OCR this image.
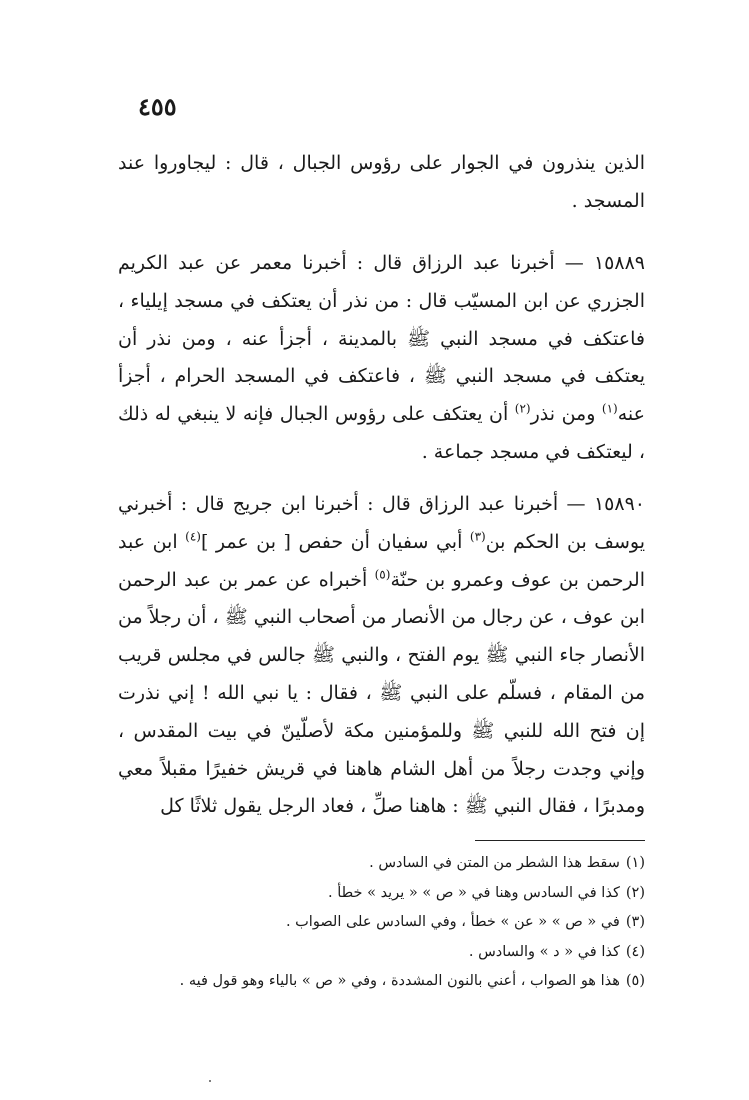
٤٥٥

الذين ينذرون في الجوار على رؤوس الجبال ، قال : ليجاوروا عند المسجد .

١٥٨٨٩ — أخبرنا عبد الرزاق قال : أخبرنا معمر عن عبد الكريم الجزري عن ابن المسيّب قال : من نذر أن يعتكف في مسجد إيلياء ، فاعتكف في مسجد النبي ﷺ بالمدينة ، أجزأ عنه ، ومن نذر أن يعتكف في مسجد النبي ﷺ ، فاعتكف في المسجد الحرام ، أجزأ عنه$^{(١)}$ ومن نذر$^{(٢)}$ أن يعتكف على رؤوس الجبال فإنه لا ينبغي له ذلك ، ليعتكف في مسجد جماعة .

١٥٨٩٠ — أخبرنا عبد الرزاق قال : أخبرنا ابن جريج قال : أخبرني يوسف بن الحكم بن$^{(٣)}$ أبي سفيان أن حفص [ بن عمر ]$^{(٤)}$ ابن عبد الرحمن بن عوف وعمرو بن حنّة$^{(٥)}$ أخبراه عن عمر بن عبد الرحمن ابن عوف ، عن رجال من الأنصار من أصحاب النبي ﷺ ، أن رجلاً من الأنصار جاء النبي ﷺ يوم الفتح ، والنبي ﷺ جالس في مجلس قريب من المقام ، فسلّم على النبي ﷺ ، فقال : يا نبي الله ! إني نذرت إن فتح الله للنبي ﷺ وللمؤمنين مكة لأصلّينّ في بيت المقدس ، وإني وجدت رجلاً من أهل الشام هاهنا في قريش خفيرًا مقبلاً معي ومدبرًا ، فقال النبي ﷺ : هاهنا صلِّ ، فعاد الرجل يقول ثلاثًا كل

(١)سقط هذا الشطر من المتن في السادس .
(٢)كذا في السادس وهنا في « ص » « يريد » خطأ .
(٣)في « ص » « عن » خطأ ، وفي السادس على الصواب .
(٤)كذا في « د » والسادس .
(٥)هذا هو الصواب ، أعني بالنون المشددة ، وفي « ص » بالياء وهو قول فيه .
